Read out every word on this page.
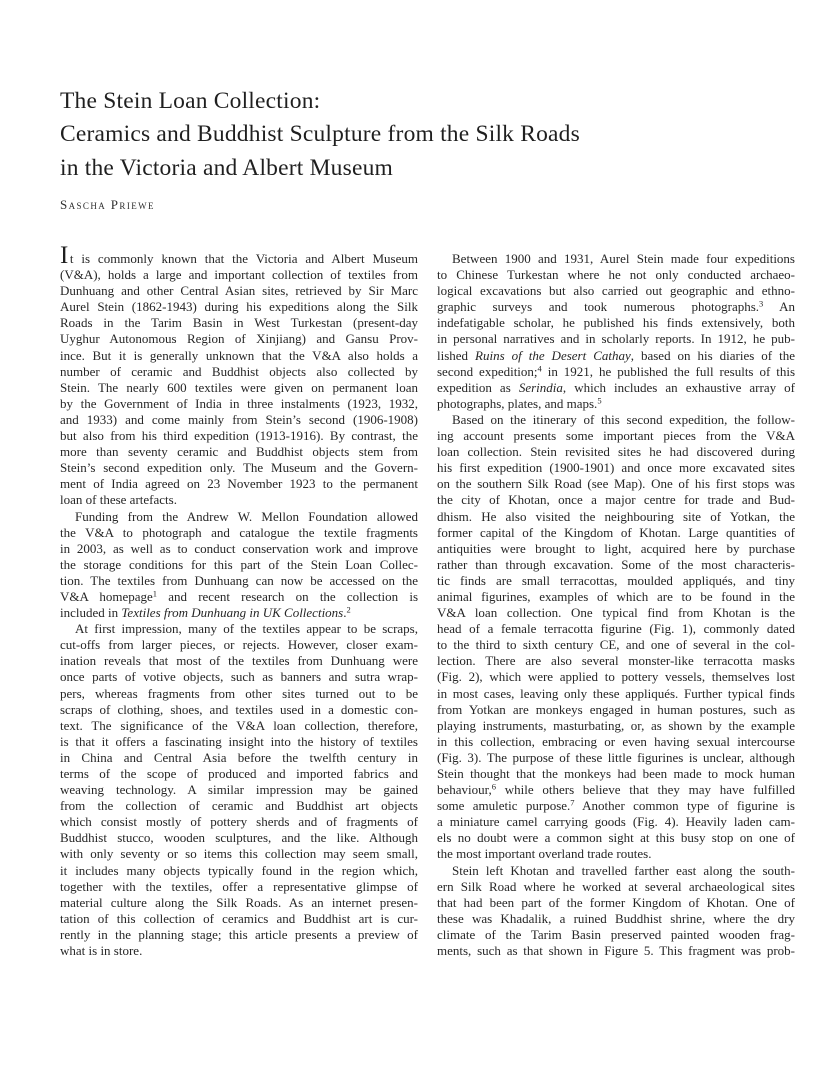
The Stein Loan Collection:
Ceramics and Buddhist Sculpture from the Silk Roads
in the Victoria and Albert Museum
Sascha Priewe
It is commonly known that the Victoria and Albert Museum
(V&A), holds a large and important collection of textiles from
Dunhuang and other Central Asian sites, retrieved by Sir Marc
Aurel Stein (1862-1943) during his expeditions along the Silk
Roads in the Tarim Basin in West Turkestan (present-day
Uyghur Autonomous Region of Xinjiang) and Gansu Prov-
ince. But it is generally unknown that the V&A also holds a
number of ceramic and Buddhist objects also collected by
Stein. The nearly 600 textiles were given on permanent loan
by the Government of India in three instalments (1923, 1932,
and 1933) and come mainly from Stein’s second (1906-1908)
but also from his third expedition (1913-1916). By contrast, the
more than seventy ceramic and Buddhist objects stem from
Stein’s second expedition only. The Museum and the Govern-
ment of India agreed on 23 November 1923 to the permanent
loan of these artefacts.
Funding from the Andrew W. Mellon Foundation allowed
the V&A to photograph and catalogue the textile fragments
in 2003, as well as to conduct conservation work and improve
the storage conditions for this part of the Stein Loan Collec-
tion. The textiles from Dunhuang can now be accessed on the
V&A homepage$^1$ and recent research on the collection is
included in Textiles from Dunhuang in UK Collections.$^2$
At first impression, many of the textiles appear to be scraps,
cut-offs from larger pieces, or rejects. However, closer exam-
ination reveals that most of the textiles from Dunhuang were
once parts of votive objects, such as banners and sutra wrap-
pers, whereas fragments from other sites turned out to be
scraps of clothing, shoes, and textiles used in a domestic con-
text. The significance of the V&A loan collection, therefore,
is that it offers a fascinating insight into the history of textiles
in China and Central Asia before the twelfth century in
terms of the scope of produced and imported fabrics and
weaving technology. A similar impression may be gained
from the collection of ceramic and Buddhist art objects
which consist mostly of pottery sherds and of fragments of
Buddhist stucco, wooden sculptures, and the like. Although
with only seventy or so items this collection may seem small,
it includes many objects typically found in the region which,
together with the textiles, offer a representative glimpse of
material culture along the Silk Roads. As an internet presen-
tation of this collection of ceramics and Buddhist art is cur-
rently in the planning stage; this article presents a preview of
what is in store.
Between 1900 and 1931, Aurel Stein made four expeditions
to Chinese Turkestan where he not only conducted archaeo-
logical excavations but also carried out geographic and ethno-
graphic surveys and took numerous photographs.$^3$ An
indefatigable scholar, he published his finds extensively, both
in personal narratives and in scholarly reports. In 1912, he pub-
lished Ruins of the Desert Cathay, based on his diaries of the
second expedition;$^4$ in 1921, he published the full results of this
expedition as Serindia, which includes an exhaustive array of
photographs, plates, and maps.$^5$
Based on the itinerary of this second expedition, the follow-
ing account presents some important pieces from the V&A
loan collection. Stein revisited sites he had discovered during
his first expedition (1900-1901) and once more excavated sites
on the southern Silk Road (see Map). One of his first stops was
the city of Khotan, once a major centre for trade and Bud-
dhism. He also visited the neighbouring site of Yotkan, the
former capital of the Kingdom of Khotan. Large quantities of
antiquities were brought to light, acquired here by purchase
rather than through excavation. Some of the most characteris-
tic finds are small terracottas, moulded appliqués, and tiny
animal figurines, examples of which are to be found in the
V&A loan collection. One typical find from Khotan is the
head of a female terracotta figurine (Fig. 1), commonly dated
to the third to sixth century CE, and one of several in the col-
lection. There are also several monster-like terracotta masks
(Fig. 2), which were applied to pottery vessels, themselves lost
in most cases, leaving only these appliqués. Further typical finds
from Yotkan are monkeys engaged in human postures, such as
playing instruments, masturbating, or, as shown by the example
in this collection, embracing or even having sexual intercourse
(Fig. 3). The purpose of these little figurines is unclear, although
Stein thought that the monkeys had been made to mock human
behaviour,$^6$ while others believe that they may have fulfilled
some amuletic purpose.$^7$ Another common type of figurine is
a miniature camel carrying goods (Fig. 4). Heavily laden cam-
els no doubt were a common sight at this busy stop on one of
the most important overland trade routes.
Stein left Khotan and travelled farther east along the south-
ern Silk Road where he worked at several archaeological sites
that had been part of the former Kingdom of Khotan. One of
these was Khadalik, a ruined Buddhist shrine, where the dry
climate of the Tarim Basin preserved painted wooden frag-
ments, such as that shown in Figure 5. This fragment was prob-
